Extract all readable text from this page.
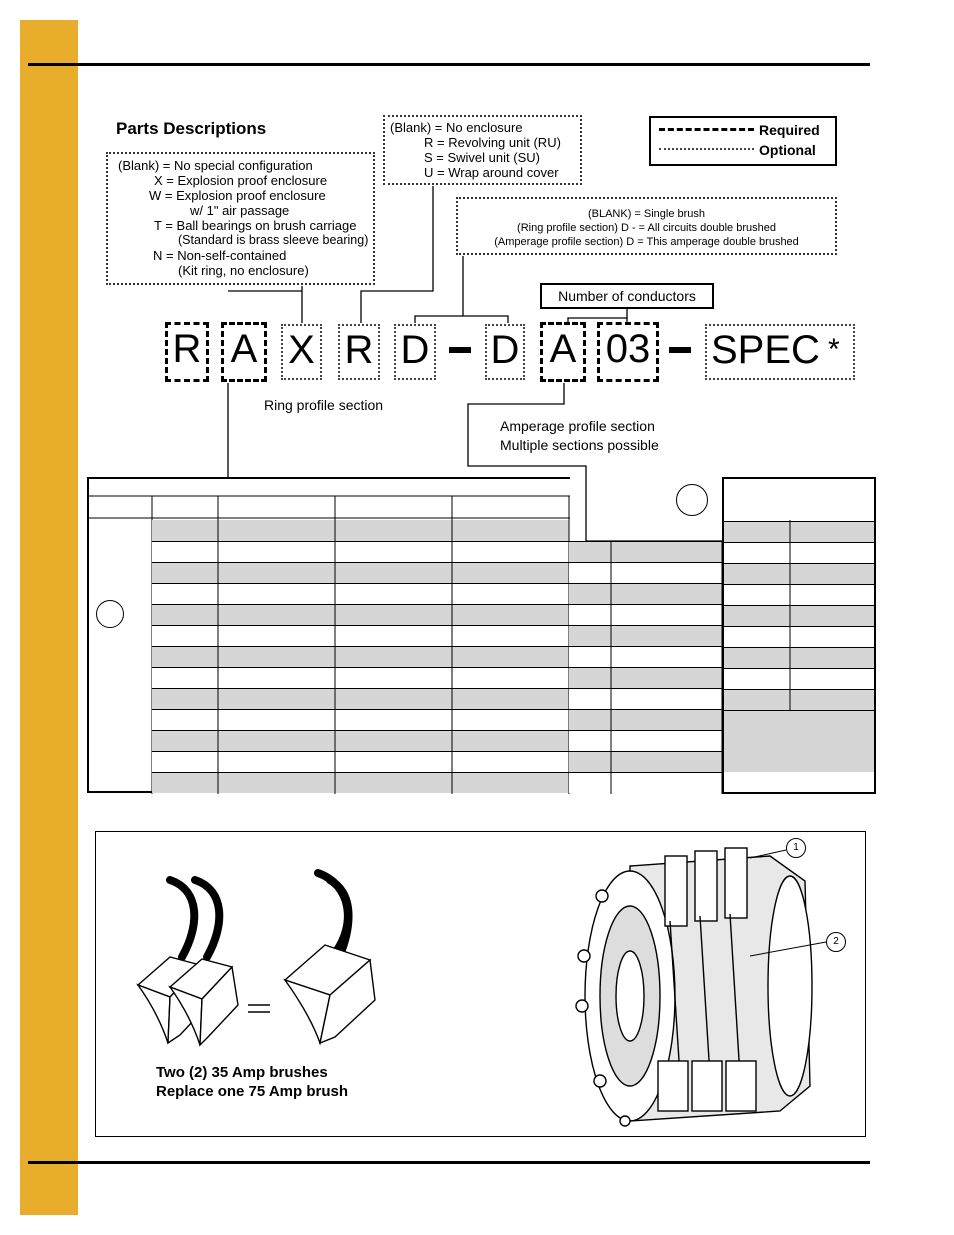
Parts Descriptions
(Blank) = No special configuration
X = Explosion proof enclosure
W = Explosion proof enclosure
w/ 1" air passage
T = Ball bearings on brush carriage
(Standard is brass sleeve bearing)
N = Non-self-contained
(Kit ring, no enclosure)
(Blank) = No enclosure
R = Revolving unit (RU)
S = Swivel unit (SU)
U = Wrap around cover
Required
Optional
(BLANK) = Single brush
(Ring profile section) D - = All circuits double brushed
(Amperage profile section) D = This amperage double brushed
Number of conductors
R A X R D D A 03 SPEC *
Ring profile section
Amperage profile section
Multiple sections possible
Two (2) 35 Amp brushes
Replace one 75 Amp brush
1
2
